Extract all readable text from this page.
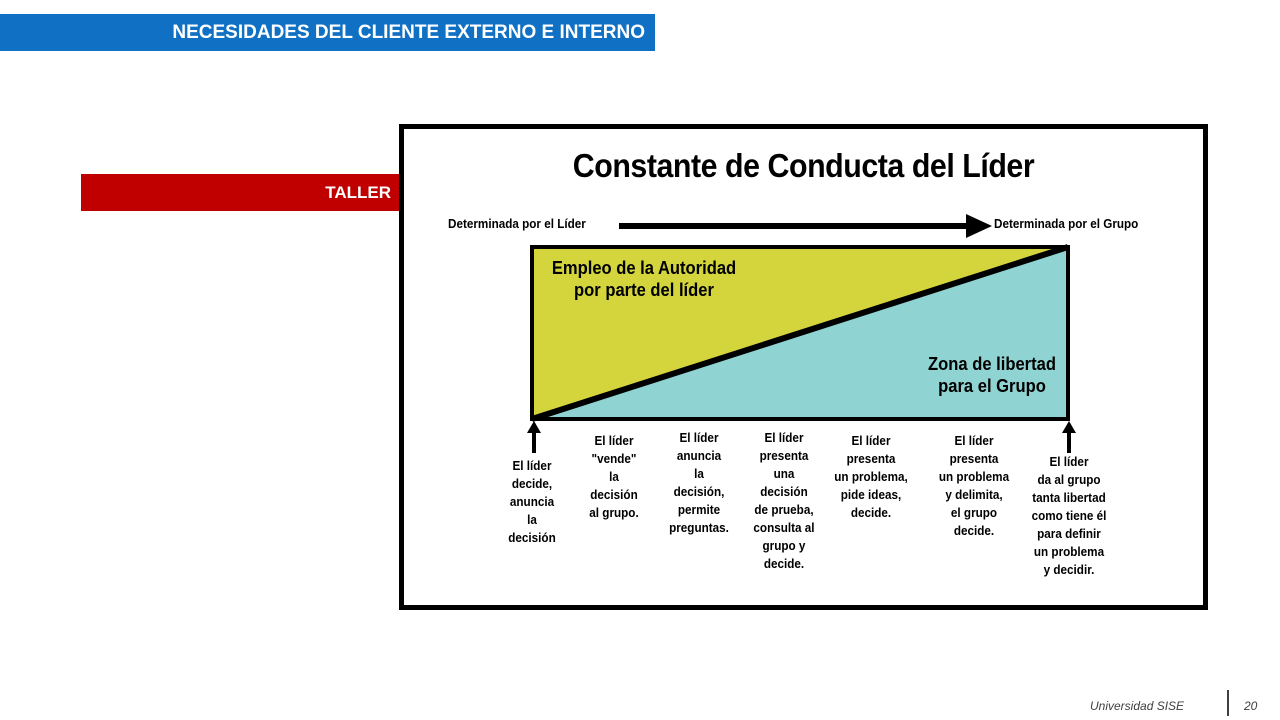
NECESIDADES DEL CLIENTE EXTERNO E INTERNO
TALLER
Constante de Conducta del Líder
Determinada por el Líder	Determinada por el Grupo
Empleo de la Autoridad
por parte del líder
Zona de libertad
para el Grupo
El líder
decide,
anuncia
la
decisión
El líder
"vende"
la
decisión
al grupo.
El líder
anuncia
la
decisión,
permite
preguntas.
El líder
presenta
una
decisión
de prueba,
consulta al
grupo y
decide.
El líder
presenta
un problema,
pide ideas,
decide.
El líder
presenta
un problema
y delimita,
el grupo
decide.
El líder
da al grupo
tanta libertad
como tiene él
para definir
un problema
y decidir.
Universidad SISE	20
